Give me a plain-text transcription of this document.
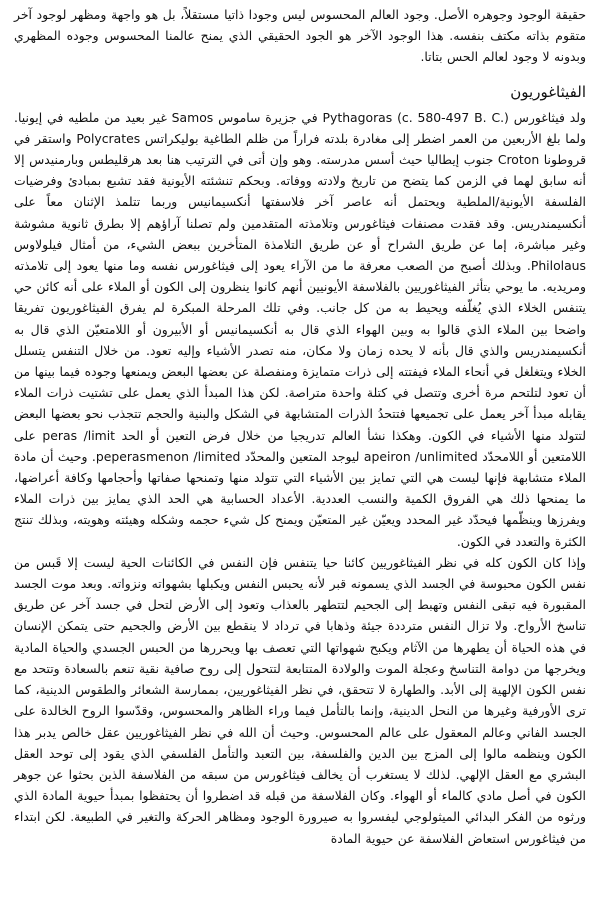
حقيقة الوجود وجوهره الأصل. وجود العالم المحسوس ليس وجودا ذاتيا مستقلاً، بل هو واجهة ومظهر لوجود آخر متقوم بذاته مكتف بنفسه. هذا الوجود الآخر هو الجود الحقيقي الذي يمنح عالمنا المحسوس وجوده المظهري وبدونه لا وجود لعالم الحس بتاتا.

الفيثاغوريون

ولد فيثاغورس Pythagoras (c. 580-497 B. C.) في جزيرة ساموس Samos غير بعيد من ملطيه في إيونيا. ولما بلغ الأربعين من العمر اضطر إلى مغادرة بلدته فراراً من ظلم الطاغية بوليكراتس Polycrates واستقر في قروطونا Croton جنوب إيطاليا حيث أسس مدرسته. وهو وإن أتى في الترتيب هنا بعد هرقليطس وبارمنيدس إلا أنه سابق لهما في الزمن كما يتضح من تاريخ ولادته ووفاته. وبحكم تنشئته الأيونية فقد تشبع بمبادئ وفرضيات الفلسفة الأيونية/الملطية ويحتمل أنه عاصر آخر فلاسفتها أنكسيمانيس وربما تتلمذ الإثنان معاً على أنكسيمندريس. وقد فقدت مصنفات فيثاغورس وتلامذته المتقدمين ولم تصلنا آراؤهم إلا بطرق ثانوية مشوشة وغير مباشرة، إما عن طريق الشراح أو عن طريق التلامذة المتأخرين ببعض الشيء، من أمثال فيلولاوس Philolaus. وبذلك أصبح من الصعب معرفة ما من الآراء يعود إلى فيثاغورس نفسه وما منها يعود إلى تلامذته ومريديه. ما يوحي بتأثر الفيثاغوريين بالفلاسفة الأيونيين أنهم كانوا ينظرون إلى الكون أو الملاء على أنه كائن حي يتنفس الخلاء الذي يُغلّفه ويحيط به من كل جانب. وفي تلك المرحلة المبكرة لم يفرق الفيثاغوريون تفريقا واضحا بين الملاء الذي قالوا به وبين الهواء الذي قال به أنكسيمانيس أو الأبيرون أو اللامتعيّن الذي قال به أنكسيمندريس والذي قال بأنه لا يحده زمان ولا مكان، منه تصدر الأشياء وإليه تعود. من خلال التنفس يتسلل الخلاء ويتغلغل في أنحاء الملاء فيفتته إلى ذرات متمايزة ومنفصلة عن بعضها البعض ويمنعها وجوده فيما بينها من أن تعود لتلتحم مرة أخرى وتتصل في كتلة واحدة متراصة. لكن هذا المبدأ الذي يعمل على تشتيت ذرات الملاء يقابله مبدأ آخر يعمل على تجميعها فتتحدُ الذرات المتشابهة في الشكل والبنية والحجم تتجذب نحو بعضها البعض لتتولد منها الأشياء في الكون. وهكذا نشأ العالم تدريجيا من خلال فرض التعين أو الحد peras /limit على اللامتعين أو اللامحدّد apeiron /unlimited ليوجد المتعين والمحدّد peperasmenon /limited. وحيث أن مادة الملاء متشابهة فإنها ليست هي التي تمايز بين الأشياء التي تتولد منها وتمنحها صفاتها وأحجامها وكافة أعراضها، ما يمنحها ذلك هي الفروق الكمية والنسب العددية. الأعداد الحسابية هي الحد الذي يمايز بين ذرات الملاء ويفرزها وينظّمها فيحدّد غير المحدد ويعيّن غير المتعيّن ويمنح كل شيء حجمه وشكله وهيئته وهويته، وبذلك تنتج الكثرة والتعدد في الكون.

وإذا كان الكون كله في نظر الفيثاغوريين كائنا حيا يتنفس فإن النفس في الكائنات الحية ليست إلا قَبس من نفس الكون محبوسة في الجسد الذي يسمونه قبر لأنه يحبس النفس ويكبلها بشهواته ونزواته. وبعد موت الجسد المقبورة فيه تبقى النفس وتهبط إلى الجحيم لتتطهر بالعذاب وتعود إلى الأرض لتحل في جسد آخر عن طريق تناسخ الأرواح. ولا تزال النفس مترددة جيئة وذهابا في ترداد لا ينقطع بين الأرض والجحيم حتى يتمكن الإنسان في هذه الحياة أن يطهرها من الآثام ويكبح شهواتها التي تعصف بها ويحررها من الحبس الجسدي والحياة المادية ويخرجها من دوامة التناسخ وعجلة الموت والولادة المتتابعة لتتحول إلى روح صافية نقية تنعم بالسعادة وتتحد مع نفس الكون الإلهية إلى الأبد. والطهارة لا تتحقق، في نظر الفيثاغوريين، بممارسة الشعائر والطقوس الدينية، كما ترى الأورفية وغيرها من النحل الدينية، وإنما بالتأمل فيما وراء الظاهر والمحسوس، وقدّسوا الروح الخالدة على الجسد الفاني وعالم المعقول على عالم المحسوس. وحيث أن الله في نظر الفيثاغوريين عقل خالص يدبر هذا الكون وينظمه مالوا إلى المزج بين الدين والفلسفة، بين التعبد والتأمل الفلسفي الذي يقود إلى توحد العقل البشري مع العقل الإلهي. لذلك لا يستغرب أن يخالف فيثاغورس من سبقه من الفلاسفة الذين بحثوا عن جوهر الكون في أصل مادي كالماء أو الهواء. وكان الفلاسفة من قبله قد اضطروا أن يحتفظوا بمبدأ حيوية المادة الذي ورثوه من الفكر البدائي الميثولوجي ليفسروا به صيرورة الوجود ومظاهر الحركة والتغير في الطبيعة. لكن ابتداء من فيثاغورس استعاض الفلاسفة عن حيوية المادة
